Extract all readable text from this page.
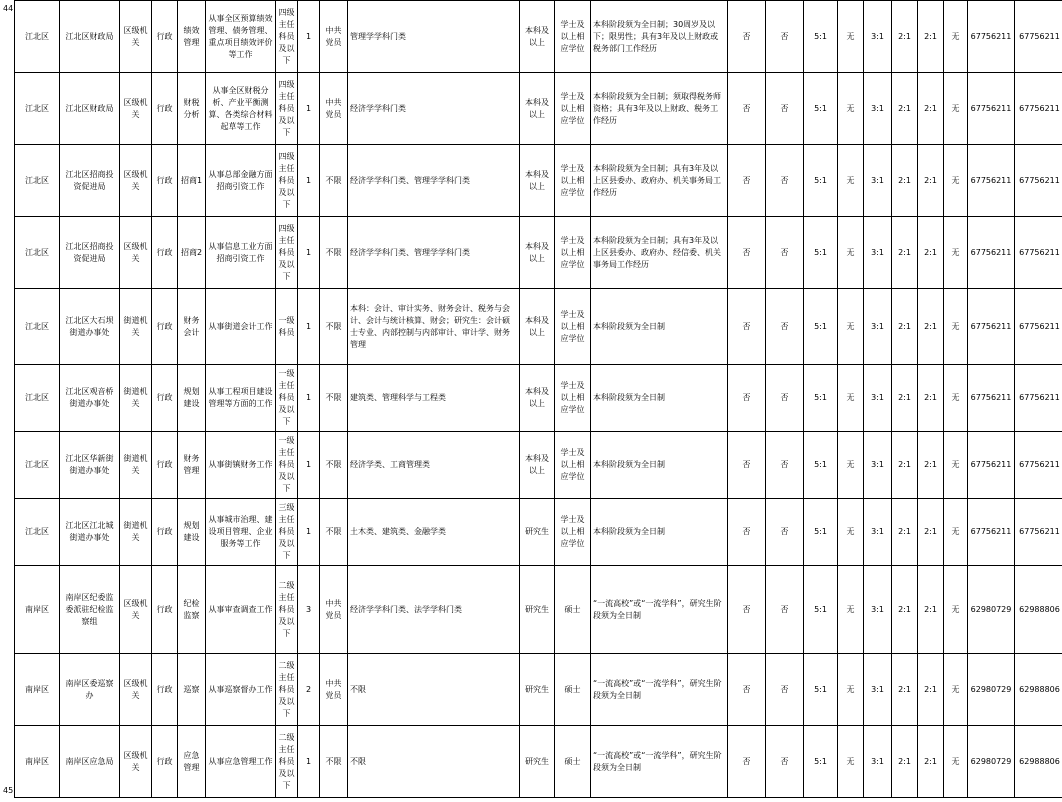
44
45
江北区	江北区财政局	区级机关	行政	绩效管理	从事全区预算绩效管理、债务管理、重点项目绩效评价等工作	四级主任科员及以下	1	中共党员	管理学学科门类	本科及以上	学士及以上相应学位	本科阶段须为全日制；30周岁及以下；限男性；具有3年及以上财政或税务部门工作经历	否	否	5:1	无	3:1	2:1	2:1	无	67756211	67756211
江北区	江北区财政局	区级机关	行政	财税分析	从事全区财税分析、产业平衡测算、各类综合材料起草等工作	四级主任科员及以下	1	中共党员	经济学学科门类	本科及以上	学士及以上相应学位	本科阶段须为全日制；须取得税务师资格；具有3年及以上财政、税务工作经历	否	否	5:1	无	3:1	2:1	2:1	无	67756211	67756211
江北区	江北区招商投资促进局	区级机关	行政	招商1	从事总部金融方面招商引资工作	四级主任科员及以下	1	不限	经济学学科门类、管理学学科门类	本科及以上	学士及以上相应学位	本科阶段须为全日制；具有3年及以上区县委办、政府办、机关事务局工作经历	否	否	5:1	无	3:1	2:1	2:1	无	67756211	67756211
江北区	江北区招商投资促进局	区级机关	行政	招商2	从事信息工业方面招商引资工作	四级主任科员及以下	1	不限	经济学学科门类、管理学学科门类	本科及以上	学士及以上相应学位	本科阶段须为全日制；具有3年及以上区县委办、政府办、经信委、机关事务局工作经历	否	否	5:1	无	3:1	2:1	2:1	无	67756211	67756211
江北区	江北区大石坝街道办事处	街道机关	行政	财务会计	从事街道会计工作	一级科员	1	不限	本科：会计、审计实务、财务会计、税务与会计、会计与统计核算、财会；研究生：会计硕士专业、内部控制与内部审计、审计学、财务管理	本科及以上	学士及以上相应学位	本科阶段须为全日制	否	否	5:1	无	3:1	2:1	2:1	无	67756211	67756211
江北区	江北区观音桥街道办事处	街道机关	行政	规划建设	从事工程项目建设管理等方面的工作	一级主任科员及以下	1	不限	建筑类、管理科学与工程类	本科及以上	学士及以上相应学位	本科阶段须为全日制	否	否	5:1	无	3:1	2:1	2:1	无	67756211	67756211
江北区	江北区华新街街道办事处	街道机关	行政	财务管理	从事街镇财务工作	一级主任科员及以下	1	不限	经济学类、工商管理类	本科及以上	学士及以上相应学位	本科阶段须为全日制	否	否	5:1	无	3:1	2:1	2:1	无	67756211	67756211
江北区	江北区江北城街道办事处	街道机关	行政	规划建设	从事城市治理、建设项目管理、企业服务等工作	三级主任科员及以下	1	不限	土木类、建筑类、金融学类	研究生	学士及以上相应学位	本科阶段须为全日制	否	否	5:1	无	3:1	2:1	2:1	无	67756211	67756211
南岸区	南岸区纪委监委派驻纪检监察组	区级机关	行政	纪检监察	从事审查调查工作	二级主任科员及以下	3	中共党员	经济学学科门类、法学学科门类	研究生	硕士	“一流高校”或“一流学科”，研究生阶段须为全日制	否	否	5:1	无	3:1	2:1	2:1	无	62980729	62988806
南岸区	南岸区委巡察办	区级机关	行政	巡察	从事巡察督办工作	二级主任科员及以下	2	中共党员	不限	研究生	硕士	“一流高校”或“一流学科”，研究生阶段须为全日制	否	否	5:1	无	3:1	2:1	2:1	无	62980729	62988806
南岸区	南岸区应急局	区级机关	行政	应急管理	从事应急管理工作	二级主任科员及以下	1	不限	不限	研究生	硕士	“一流高校”或“一流学科”，研究生阶段须为全日制	否	否	5:1	无	3:1	2:1	2:1	无	62980729	62988806
